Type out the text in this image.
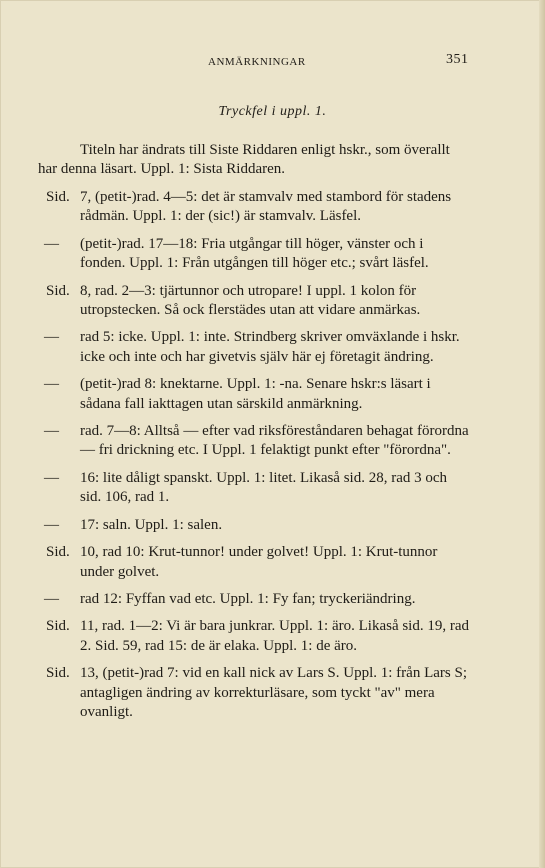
ANMÄRKNINGAR	351
Tryckfel i uppl. 1.
Titeln har ändrats till Siste Riddaren enligt hskr., som överallt har denna läsart. Uppl. 1: Sista Riddaren.
Sid. 7, (petit-)rad. 4—5: det är stamvalv med stambord för stadens rådmän. Uppl. 1: der (sic!) är stamvalv. Läsfel.
—	(petit-)rad. 17—18: Fria utgångar till höger, vänster och i fonden. Uppl. 1: Från utgången till höger etc.; svårt läsfel.
Sid. 8, rad. 2—3: tjärtunnor och utropare! I uppl. 1 kolon för utropstecken. Så ock flerstädes utan att vidare anmärkas.
—	rad 5: icke. Uppl. 1: inte. Strindberg skriver omväxlande i hskr. icke och inte och har givetvis själv här ej företagit ändring.
—	(petit-)rad 8: knektarne. Uppl. 1: -na. Senare hskr:s läsart i sådana fall iakttagen utan särskild anmärkning.
—	rad. 7—8: Alltså — efter vad riksföreståndaren behagat förordna — fri drickning etc. I Uppl. 1 felaktigt punkt efter "förordna".
—	16: lite dåligt spanskt. Uppl. 1: litet. Likaså sid. 28, rad 3 och sid. 106, rad 1.
—	17: saln. Uppl. 1: salen.
Sid. 10, rad 10: Krut-tunnor! under golvet! Uppl. 1: Krut-tunnor under golvet.
—	rad 12: Fyffan vad etc. Uppl. 1: Fy fan; tryckeriändring.
Sid. 11, rad. 1—2: Vi är bara junkrar. Uppl. 1: äro. Likaså sid. 19, rad 2. Sid. 59, rad 15: de är elaka. Uppl. 1: de äro.
Sid. 13, (petit-)rad 7: vid en kall nick av Lars S. Uppl. 1: från Lars S; antagligen ändring av korrekturläsare, som tyckt "av" mera ovanligt.
